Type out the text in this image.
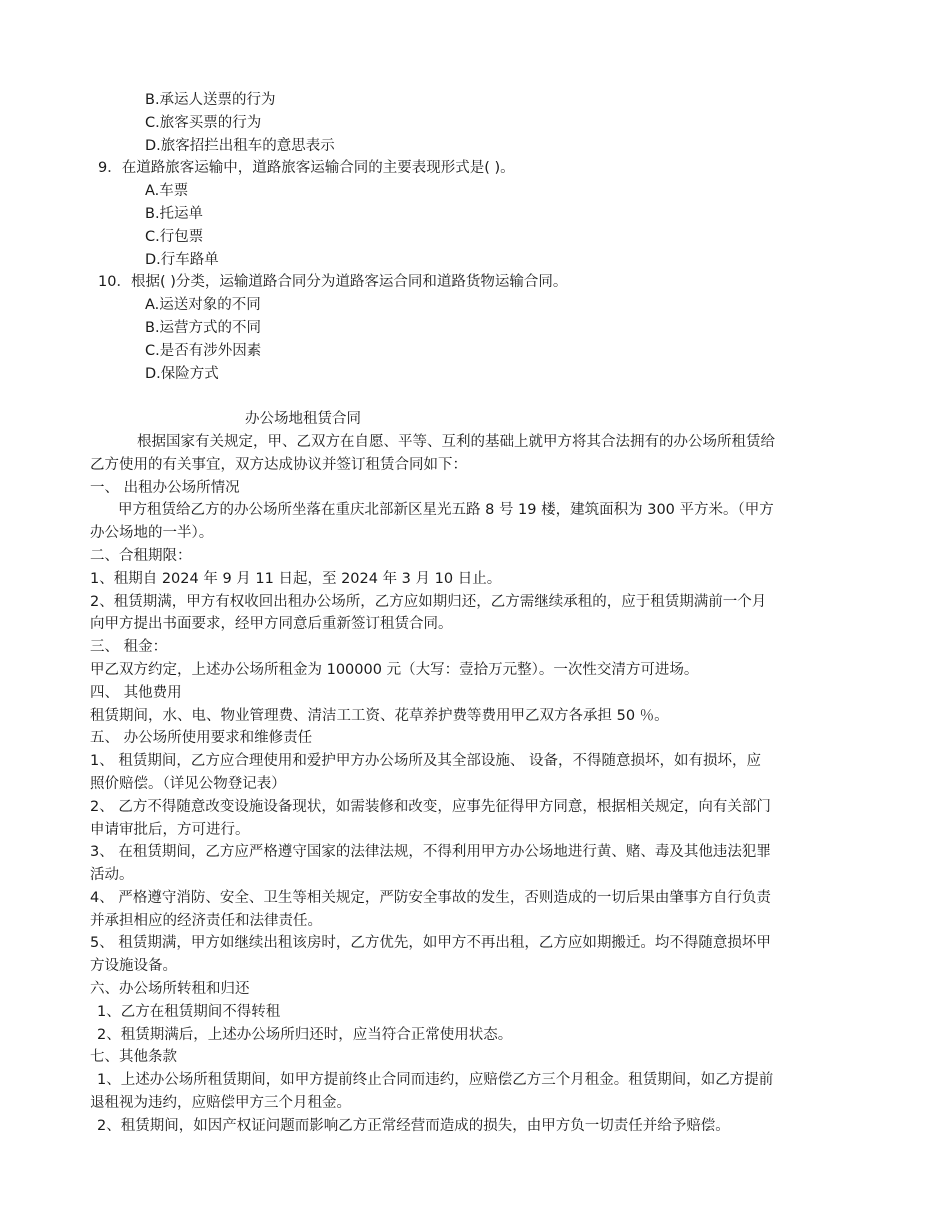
B.承运人送票的行为
C.旅客买票的行为
D.旅客招拦出租车的意思表示
9．在道路旅客运输中，道路旅客运输合同的主要表现形式是( )。
A.车票
B.托运单
C.行包票
D.行车路单
10．根据( )分类，运输道路合同分为道路客运合同和道路货物运输合同。
A.运送对象的不同
B.运营方式的不同
C.是否有涉外因素
D.保险方式
办公场地租赁合同
根据国家有关规定，甲、乙双方在自愿、平等、互利的基础上就甲方将其合法拥有的办公场所租赁给
乙方使用的有关事宜，双方达成协议并签订租赁合同如下：
一、 出租办公场所情况
甲方租赁给乙方的办公场所坐落在重庆北部新区星光五路 8 号 19 楼，建筑面积为 300 平方米。（甲方
办公场地的一半）。
二、合租期限：
1、租期自 2024 年 9 月 11 日起，至 2024 年 3 月 10 日止。
2、租赁期满，甲方有权收回出租办公场所，乙方应如期归还，乙方需继续承租的，应于租赁期满前一个月
向甲方提出书面要求，经甲方同意后重新签订租赁合同。
三、 租金：
甲乙双方约定，上述办公场所租金为 100000 元（大写：壹拾万元整）。一次性交清方可进场。
四、 其他费用
租赁期间，水、电、物业管理费、清洁工工资、花草养护费等费用甲乙双方各承担 50 ％。
五、 办公场所使用要求和维修责任
1、 租赁期间，乙方应合理使用和爱护甲方办公场所及其全部设施、 设备，不得随意损坏，如有损坏，应
照价赔偿。（详见公物登记表）
2、 乙方不得随意改变设施设备现状，如需装修和改变，应事先征得甲方同意，根据相关规定，向有关部门
申请审批后，方可进行。
3、 在租赁期间，乙方应严格遵守国家的法律法规，不得利用甲方办公场地进行黄、赌、毒及其他违法犯罪
活动。
4、 严格遵守消防、安全、卫生等相关规定，严防安全事故的发生，否则造成的一切后果由肇事方自行负责
并承担相应的经济责任和法律责任。
5、 租赁期满，甲方如继续出租该房时，乙方优先，如甲方不再出租，乙方应如期搬迁。均不得随意损坏甲
方设施设备。
六、办公场所转租和归还
1、乙方在租赁期间不得转租
2、租赁期满后，上述办公场所归还时，应当符合正常使用状态。
七、其他条款
1、上述办公场所租赁期间，如甲方提前终止合同而违约，应赔偿乙方三个月租金。租赁期间，如乙方提前
退租视为违约，应赔偿甲方三个月租金。
2、租赁期间，如因产权证问题而影响乙方正常经营而造成的损失，由甲方负一切责任并给予赔偿。
